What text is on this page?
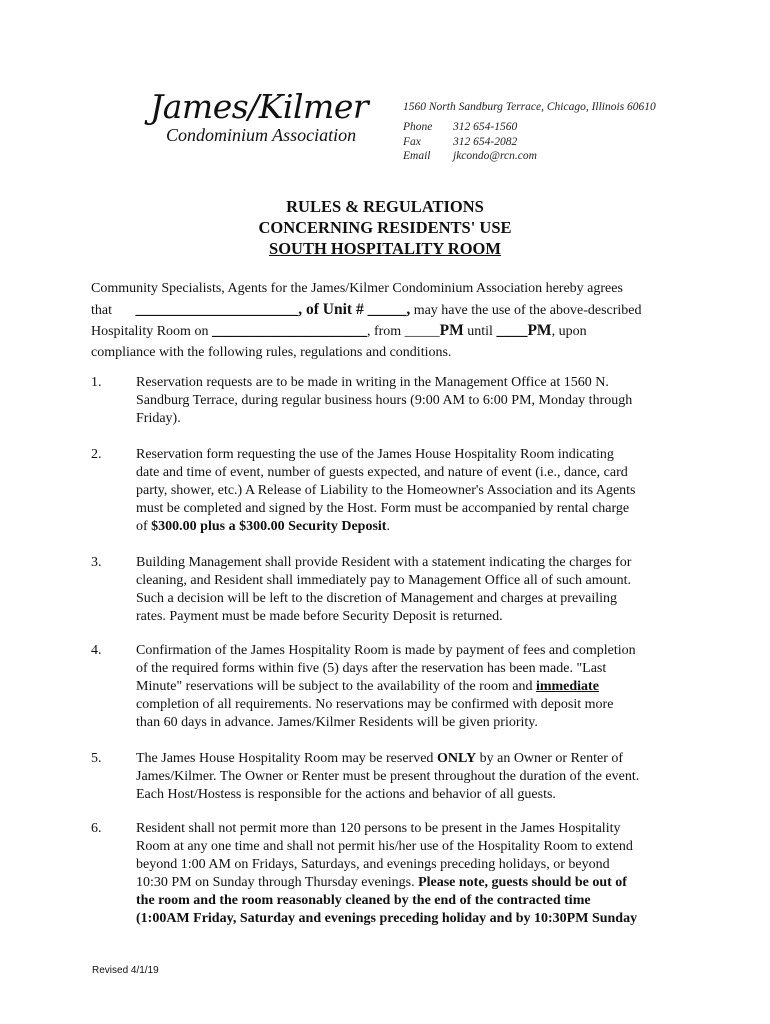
James/Kilmer
Condominium Association
1560 North Sandburg Terrace, Chicago, Illinois 60610
Phone 312 654-1560
Fax	312 654-2082
Email jkcondo@rcn.com
RULES & REGULATIONS
CONCERNING RESIDENTS' USE
SOUTH HOSPITALITY ROOM
Community Specialists, Agents for the James/Kilmer Condominium Association hereby agrees
that _____________________, of Unit # _____, may have the use of the above-described
Hospitality Room on ____________________, from _____PM until ____PM, upon
compliance with the following rules, regulations and conditions.
1.	Reservation requests are to be made in writing in the Management Office at 1560 N.
Sandburg Terrace, during regular business hours (9:00 AM to 6:00 PM, Monday through
Friday).
2.	Reservation form requesting the use of the James House Hospitality Room indicating
date and time of event, number of guests expected, and nature of event (i.e., dance, card
party, shower, etc.) A Release of Liability to the Homeowner's Association and its Agents
must be completed and signed by the Host. Form must be accompanied by rental charge
of $300.00 plus a $300.00 Security Deposit.
3.	Building Management shall provide Resident with a statement indicating the charges for
cleaning, and Resident shall immediately pay to Management Office all of such amount.
Such a decision will be left to the discretion of Management and charges at prevailing
rates. Payment must be made before Security Deposit is returned.
4.	Confirmation of the James Hospitality Room is made by payment of fees and completion
of the required forms within five (5) days after the reservation has been made. "Last
Minute" reservations will be subject to the availability of the room and immediate
completion of all requirements. No reservations may be confirmed with deposit more
than 60 days in advance. James/Kilmer Residents will be given priority.
5.	The James House Hospitality Room may be reserved ONLY by an Owner or Renter of
James/Kilmer. The Owner or Renter must be present throughout the duration of the event.
Each Host/Hostess is responsible for the actions and behavior of all guests.
6.	Resident shall not permit more than 120 persons to be present in the James Hospitality
Room at any one time and shall not permit his/her use of the Hospitality Room to extend
beyond 1:00 AM on Fridays, Saturdays, and evenings preceding holidays, or beyond
10:30 PM on Sunday through Thursday evenings. Please note, guests should be out of
the room and the room reasonably cleaned by the end of the contracted time
(1:00AM Friday, Saturday and evenings preceding holiday and by 10:30PM Sunday
Revised 4/1/19
